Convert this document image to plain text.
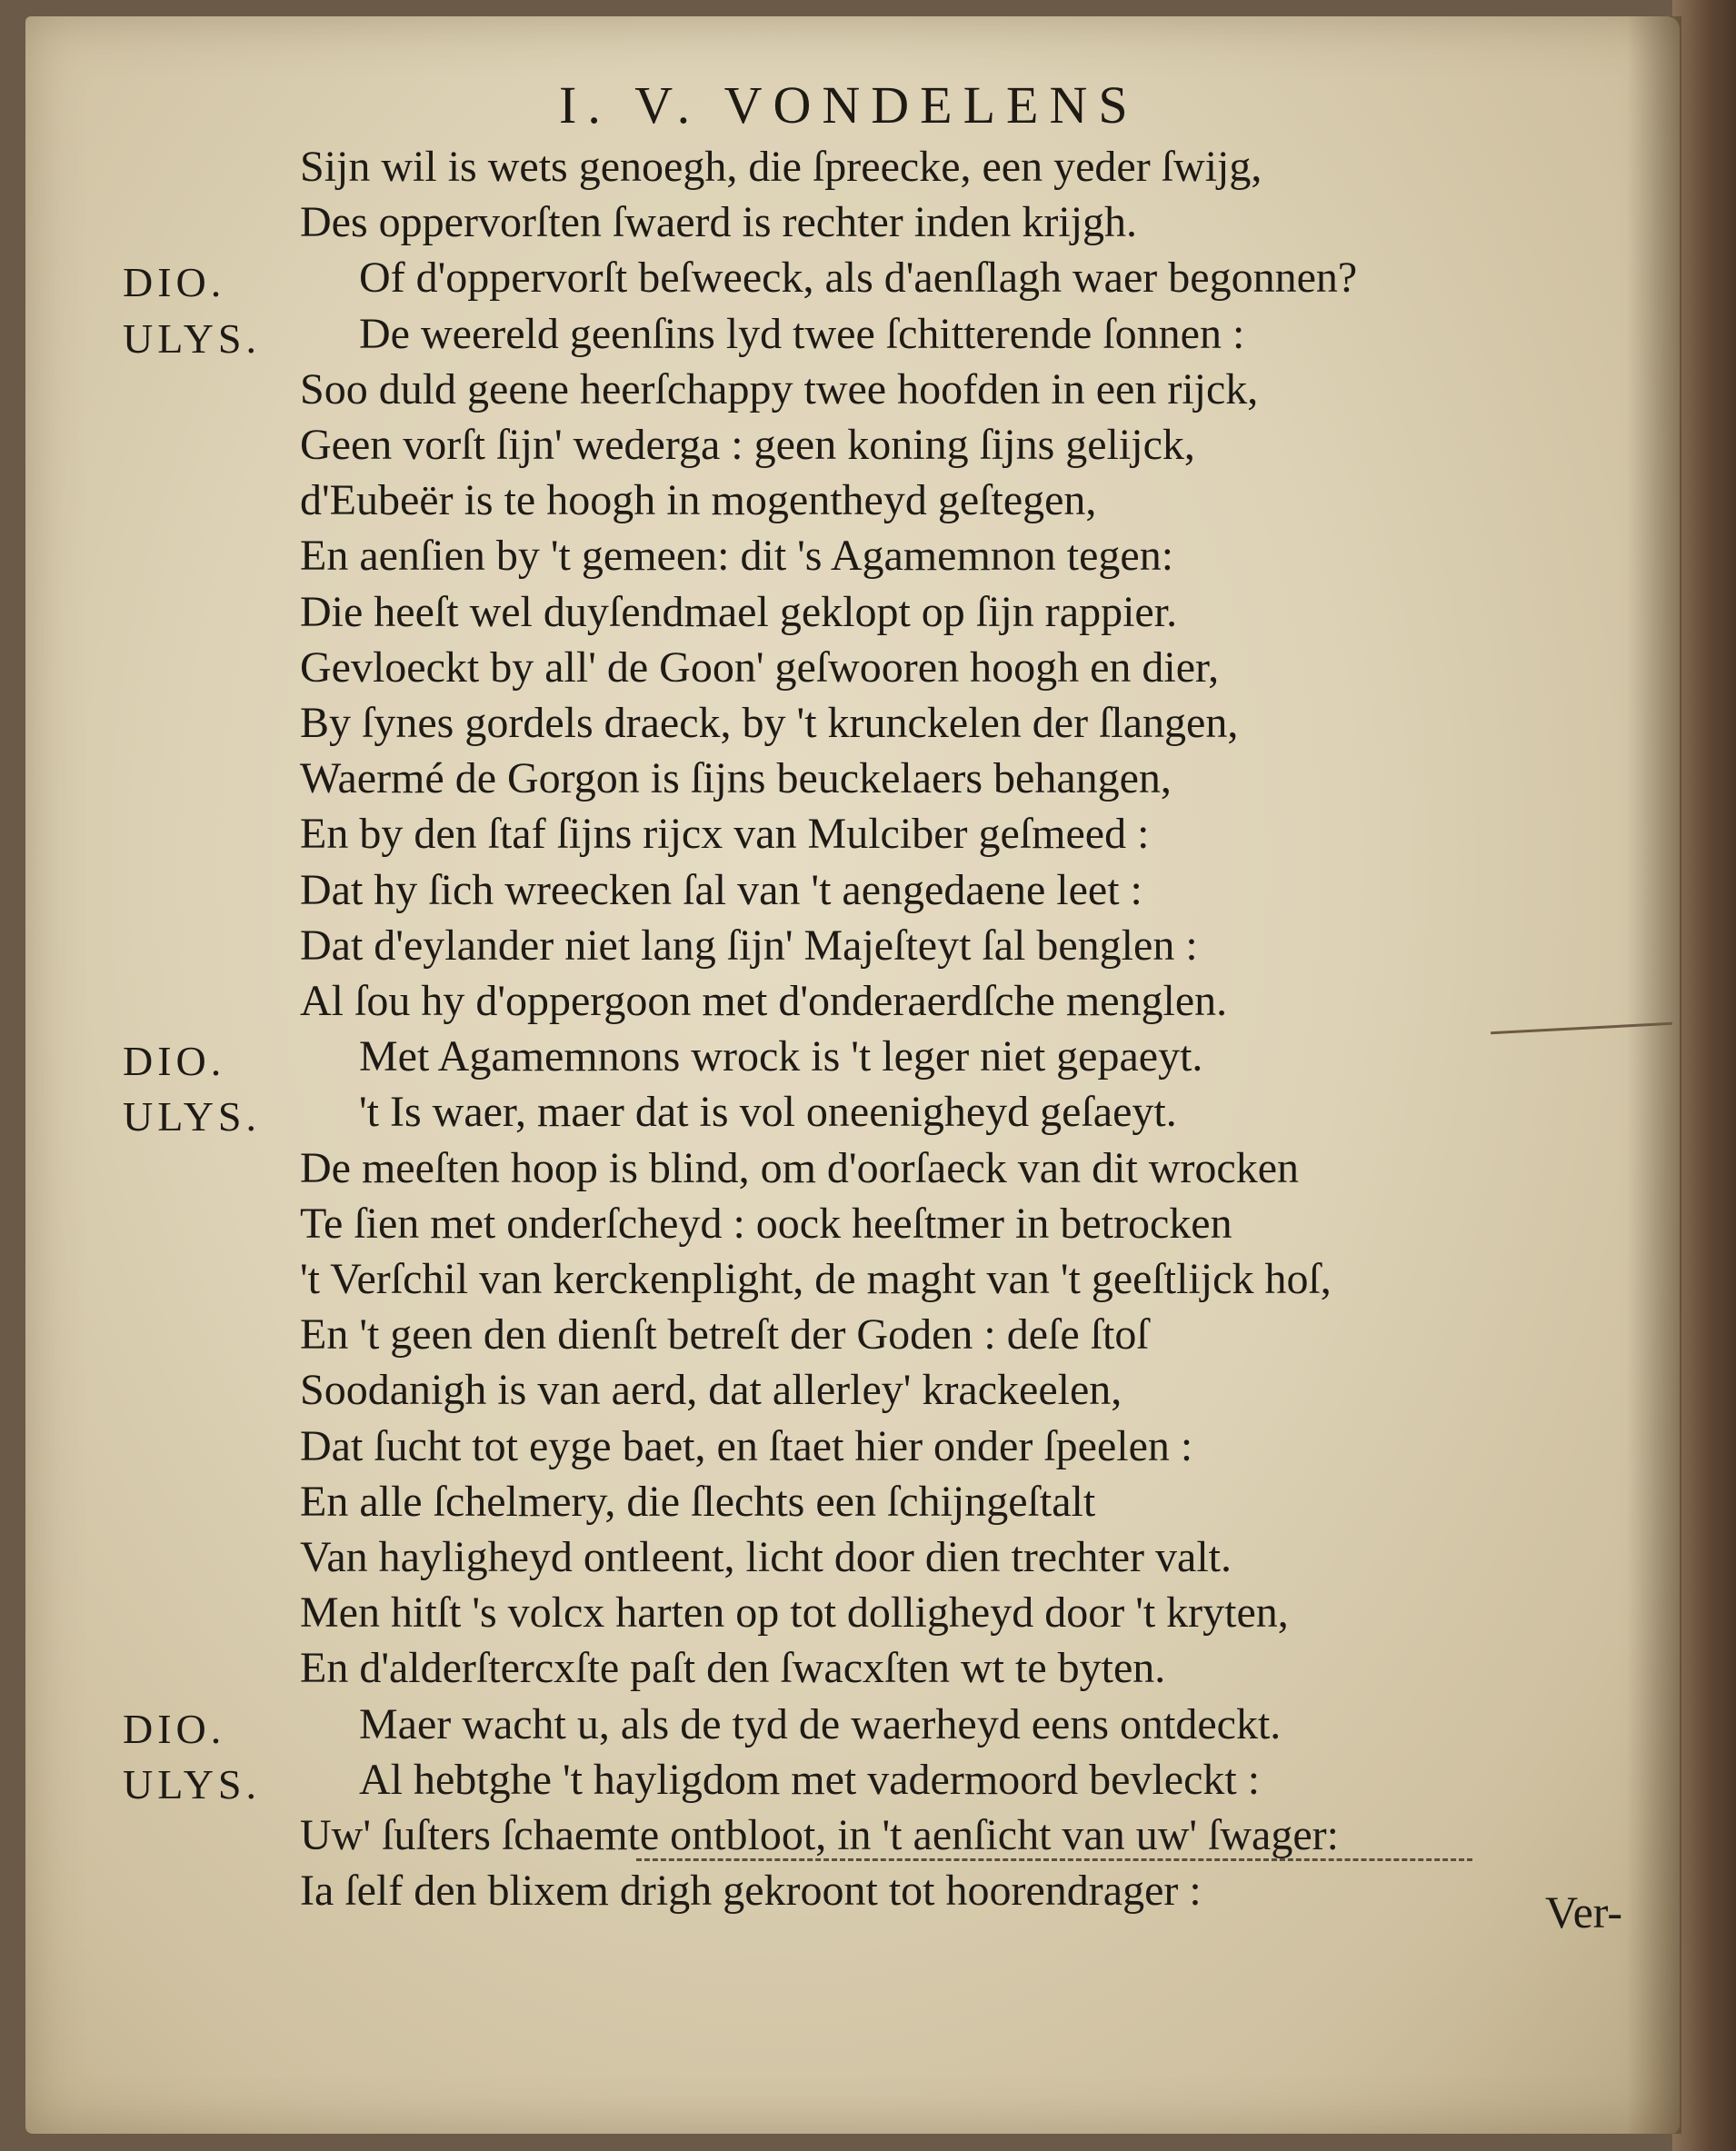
I. V. VONDELENS
Sijn wil is wets genoegh, die ſpreecke, een yeder ſwijg,
Des oppervorſten ſwaerd is rechter inden krijgh.
DIO.	Of d'oppervorſt beſweeck, als d'aenſlagh waer begonnen?
ULYS. De weereld geenſins lyd twee ſchitterende ſonnen :
Soo duld geene heerſchappy twee hoofden in een rijck,
Geen vorſt ſijn' wederga : geen koning ſijns gelijck,
d'Eubeër is te hoogh in mogentheyd geſtegen,
En aenſien by 't gemeen: dit 's Agamemnon tegen:
Die heeſt wel duyſendmael geklopt op ſijn rappier.
Gevloeckt by all' de Goon' geſwooren hoogh en dier,
By ſynes gordels draeck, by 't krunckelen der ſlangen,
Waermé de Gorgon is ſijns beuckelaers behangen,
En by den ſtaf ſijns rijcx van Mulciber geſmeed :
Dat hy ſich wreecken ſal van 't aengedaene leet :
Dat d'eylander niet lang ſijn' Majeſteyt ſal benglen :
Al ſou hy d'oppergoon met d'onderaerdſche menglen.
DIO.	Met Agamemnons wrock is 't leger niet gepaeyt.
ULYS. 't Is waer, maer dat is vol oneenigheyd geſaeyt.
De meeſten hoop is blind, om d'oorſaeck van dit wrocken
Te ſien met onderſcheyd : oock heeſtmer in betrocken
't Verſchil van kerckenplight, de maght van 't geeſtlijck hoſ,
En 't geen den dienſt betreſt der Goden : deſe ſtoſ
Soodanigh is van aerd, dat allerley' krackeelen,
Dat ſucht tot eyge baet, en ſtaet hier onder ſpeelen :
En alle ſchelmery, die ſlechts een ſchijngeſtalt
Van hayligheyd ontleent, licht door dien trechter valt.
Men hitſt 's volcx harten op tot dolligheyd door 't kryten,
En d'alderſtercxſte paſt den ſwacxſten wt te byten.
DIO.	Maer wacht u, als de tyd de waerheyd eens ontdeckt.
ULYS. Al hebtghe 't hayligdom met vadermoord bevleckt :
Uw' ſuſters ſchaemte ontbloot, in 't aenſicht van uw' ſwager:
Ia ſelf den blixem drigh gekroont tot hoorendrager :	Ver-
